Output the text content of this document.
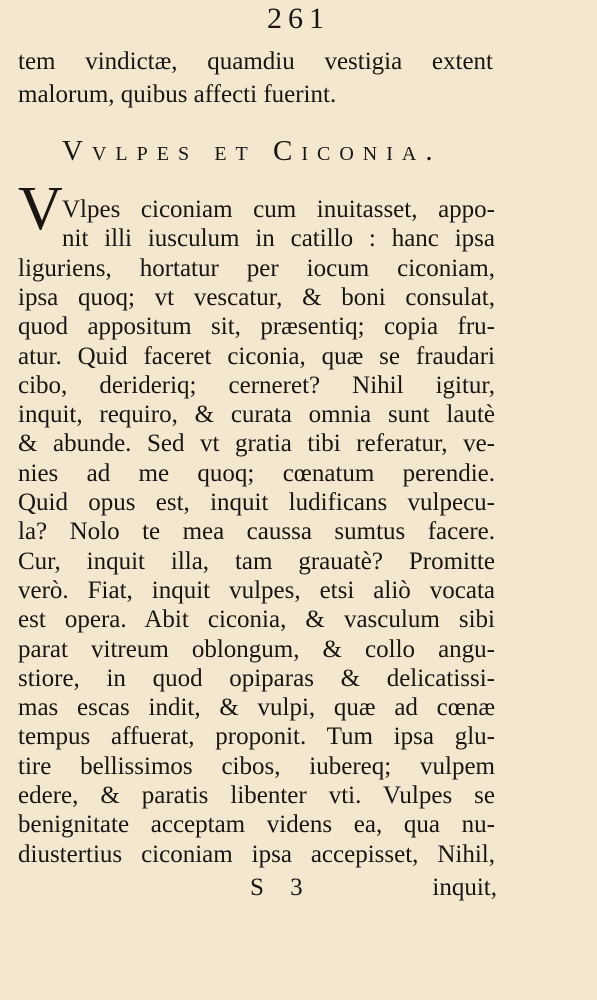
261
tem vindictæ, quamdiu vestigia extent
malorum, quibus affecti fuerint.
Vvlpes et Ciconia.
V Vlpes ciconiam cum inuitasset, appo-
nit illi iusculum in catillo : hanc ipsa
liguriens, hortatur per iocum ciconiam,
ipsa quoq; vt vescatur, & boni consulat,
quod appositum sit, præsentiq; copia fru-
atur. Quid faceret ciconia, quæ se fraudari
cibo, derideriq; cerneret? Nihil igitur,
inquit, requiro, & curata omnia sunt lautè
& abunde. Sed vt gratia tibi referatur, ve-
nies ad me quoq; cœnatum perendie.
Quid opus est, inquit ludificans vulpecu-
la? Nolo te mea caussa sumtus facere.
Cur, inquit illa, tam grauatè? Promitte
verò. Fiat, inquit vulpes, etsi aliò vocata
est opera. Abit ciconia, & vasculum sibi
parat vitreum oblongum, & collo angu-
stiore, in quod opiparas & delicatissi-
mas escas indit, & vulpi, quæ ad cœnæ
tempus affuerat, proponit. Tum ipsa glu-
tire bellissimos cibos, iubereq; vulpem
edere, & paratis libenter vti. Vulpes se
benignitate acceptam videns ea, qua nu-
diustertius ciconiam ipsa accepisset, Nihil,
S 3	inquit,
